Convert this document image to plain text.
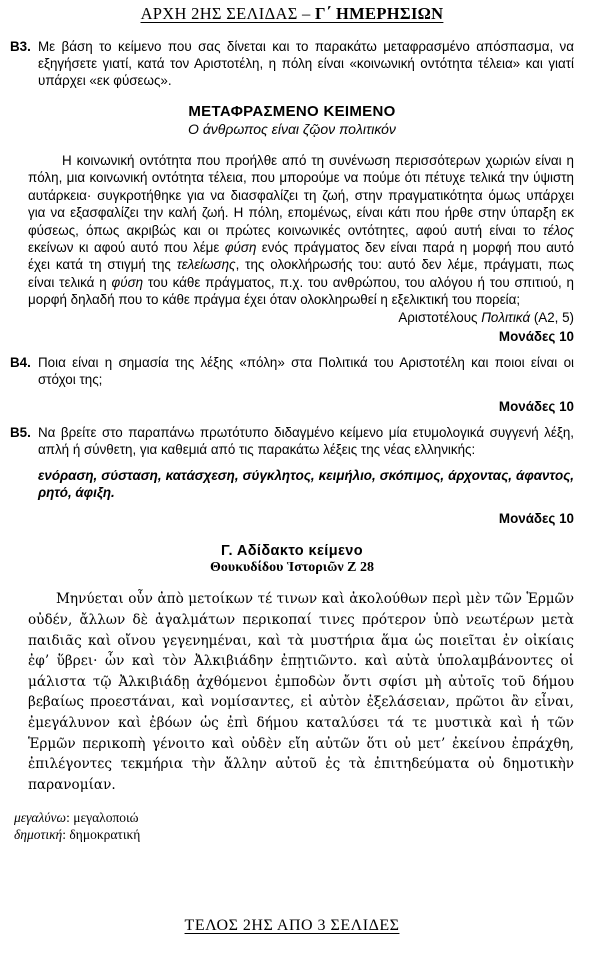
ΑΡΧΗ 2ΗΣ ΣΕΛΙΔΑΣ – Γ΄ ΗΜΕΡΗΣΙΩΝ
Β3. Με βάση το κείμενο που σας δίνεται και το παρακάτω μεταφρασμένο απόσπασμα, να εξηγήσετε γιατί, κατά τον Αριστοτέλη, η πόλη είναι «κοινωνική οντότητα τέλεια» και γιατί υπάρχει «εκ φύσεως».
ΜΕΤΑΦΡΑΣΜΕΝΟ ΚΕΙΜΕΝΟ
Ο άνθρωπος είναι ζῷον πολιτικόν
Η κοινωνική οντότητα που προήλθε από τη συνένωση περισσότερων χωριών είναι η πόλη, μια κοινωνική οντότητα τέλεια, που μπορούμε να πούμε ότι πέτυχε τελικά την ύψιστη αυτάρκεια· συγκροτήθηκε για να διασφαλίζει τη ζωή, στην πραγματικότητα όμως υπάρχει για να εξασφαλίζει την καλή ζωή. Η πόλη, επομένως, είναι κάτι που ήρθε στην ύπαρξη εκ φύσεως, όπως ακριβώς και οι πρώτες κοινωνικές οντότητες, αφού αυτή είναι το τέλος εκείνων κι αφού αυτό που λέμε φύση ενός πράγματος δεν είναι παρά η μορφή που αυτό έχει κατά τη στιγμή της τελείωσης, της ολοκλήρωσής του: αυτό δεν λέμε, πράγματι, πως είναι τελικά η φύση του κάθε πράγματος, π.χ. του ανθρώπου, του αλόγου ή του σπιτιού, η μορφή δηλαδή που το κάθε πράγμα έχει όταν ολοκληρωθεί η εξελικτική του πορεία;
Αριστοτέλους Πολιτικά (Α2, 5)
Μονάδες 10
Β4. Ποια είναι η σημασία της λέξης «πόλη» στα Πολιτικά του Αριστοτέλη και ποιοι είναι οι στόχοι της;
Μονάδες 10
Β5. Να βρείτε στο παραπάνω πρωτότυπο διδαγμένο κείμενο μία ετυμολογικά συγγενή λέξη, απλή ή σύνθετη, για καθεμιά από τις παρακάτω λέξεις της νέας ελληνικής:
ενόραση, σύσταση, κατάσχεση, σύγκλητος, κειμήλιο, σκόπιμος, άρχοντας, άφαντος, ρητό, άφιξη.
Μονάδες 10
Γ. Αδίδακτο κείμενο
Θουκυδίδου Ἱστοριῶν Ζ 28
Μηνύεται οὖν ἀπὸ μετοίκων τέ τινων καὶ ἀκολούθων περὶ μὲν τῶν Ἑρμῶν οὐδέν, ἄλλων δὲ ἀγαλμάτων περικοπαί τινες πρότερον ὑπὸ νεωτέρων μετὰ παιδιᾶς καὶ οἴνου γεγενημέναι, καὶ τὰ μυστήρια ἅμα ὡς ποιεῖται ἐν οἰκίαις ἐφ’ ὕβρει· ὧν καὶ τὸν Ἀλκιβιάδην ἐπῃτιῶντο. καὶ αὐτὰ ὑπολαμβάνοντες οἱ μάλιστα τῷ Ἀλκιβιάδῃ ἀχθόμενοι ἐμποδὼν ὄντι σφίσι μὴ αὐτοῖς τοῦ δήμου βεβαίως προεστάναι, καὶ νομίσαντες, εἰ αὐτὸν ἐξελάσειαν, πρῶτοι ἂν εἶναι, ἐμεγάλυνον καὶ ἐβόων ὡς ἐπὶ δήμου καταλύσει τά τε μυστικὰ καὶ ἡ τῶν Ἑρμῶν περικοπὴ γένοιτο καὶ οὐδὲν εἴη αὐτῶν ὅτι οὐ μετ’ ἐκείνου ἐπράχθη, ἐπιλέγοντες τεκμήρια τὴν ἄλλην αὐτοῦ ἐς τὰ ἐπιτηδεύματα οὐ δημοτικὴν παρανομίαν.
μεγαλύνω: μεγαλοποιώ
δημοτική: δημοκρατική
ΤΕΛΟΣ 2ΗΣ ΑΠΟ 3 ΣΕΛΙΔΕΣ
